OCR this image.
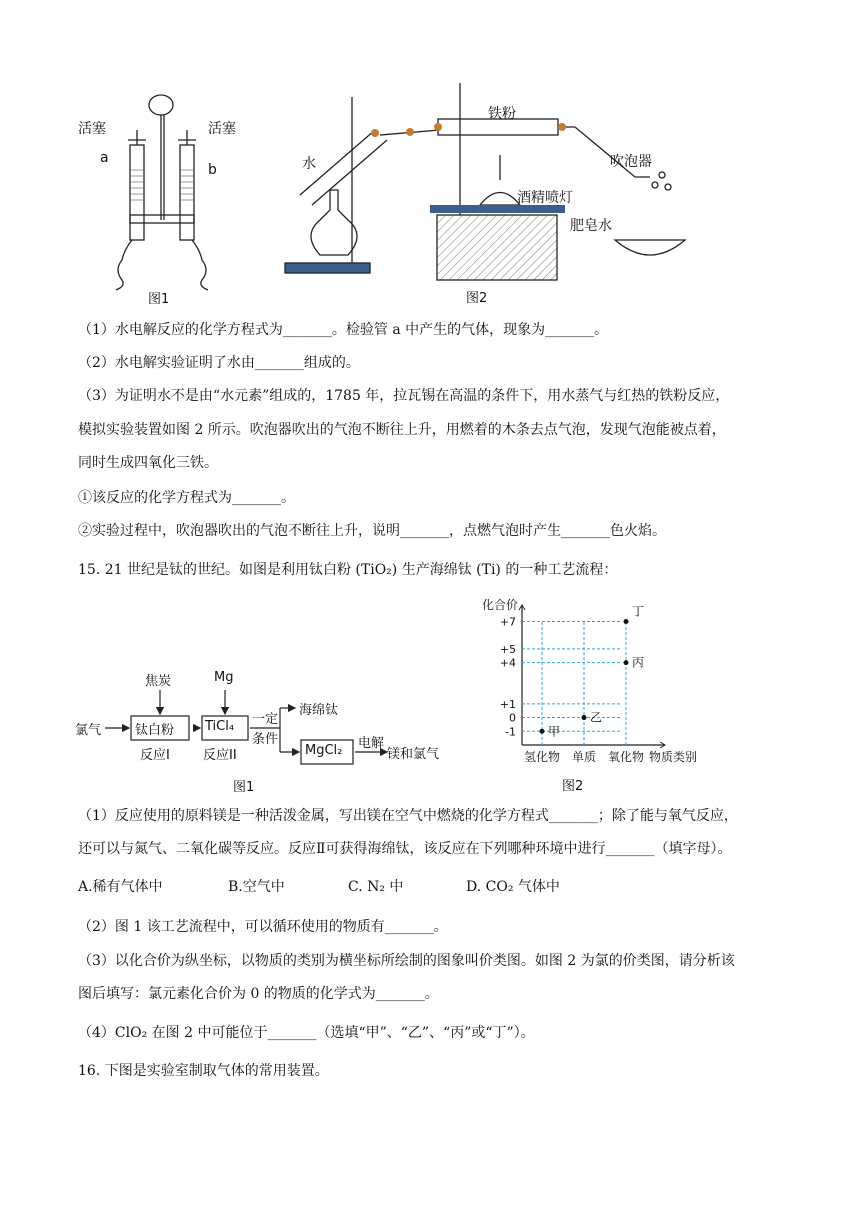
活塞	活塞
a
b
图1
水
铁粉
吹泡器
酒精喷灯
肥皂水
图2
（1）水电解反应的化学方程式为_______。检验管 a 中产生的气体，现象为_______。
（2）水电解实验证明了水由_______组成的。
（3）为证明水不是由“水元素”组成的，1785 年，拉瓦锡在高温的条件下，用水蒸气与红热的铁粉反应，
模拟实验装置如图 2 所示。吹泡器吹出的气泡不断往上升，用燃着的木条去点气泡，发现气泡能被点着，
同时生成四氧化三铁。
①该反应的化学方程式为_______。
②实验过程中，吹泡器吹出的气泡不断往上升，说明_______，点燃气泡时产生_______色火焰。
15. 21 世纪是钛的世纪。如图是利用钛白粉 (TiO₂) 生产海绵钛 (Ti) 的一种工艺流程：
氯气
焦炭	Mg
钛白粉 TiCl₄ 一定
条件
海绵钛
MgCl₂ 电解
镁和氯气
反应I	反应II
图1
化合价
+7
+5
+4
+1
0
-1
氢化物 单质 氧化物 物质类别
甲
乙
丙
丁
图2
（1）反应使用的原料镁是一种活泼金属，写出镁在空气中燃烧的化学方程式_______；除了能与氧气反应，
还可以与氮气、二氧化碳等反应。反应Ⅱ可获得海绵钛，该反应在下列哪种环境中进行_______（填字母）。
A.稀有气体中	B.空气中	C. N₂ 中	D. CO₂ 气体中
（2）图 1 该工艺流程中，可以循环使用的物质有_______。
（3）以化合价为纵坐标，以物质的类别为横坐标所绘制的图象叫价类图。如图 2 为氯的价类图，请分析该
图后填写：氯元素化合价为 0 的物质的化学式为_______。
（4）ClO₂ 在图 2 中可能位于_______（选填“甲”、“乙”、“丙”或“丁”）。
16. 下图是实验室制取气体的常用装置。
